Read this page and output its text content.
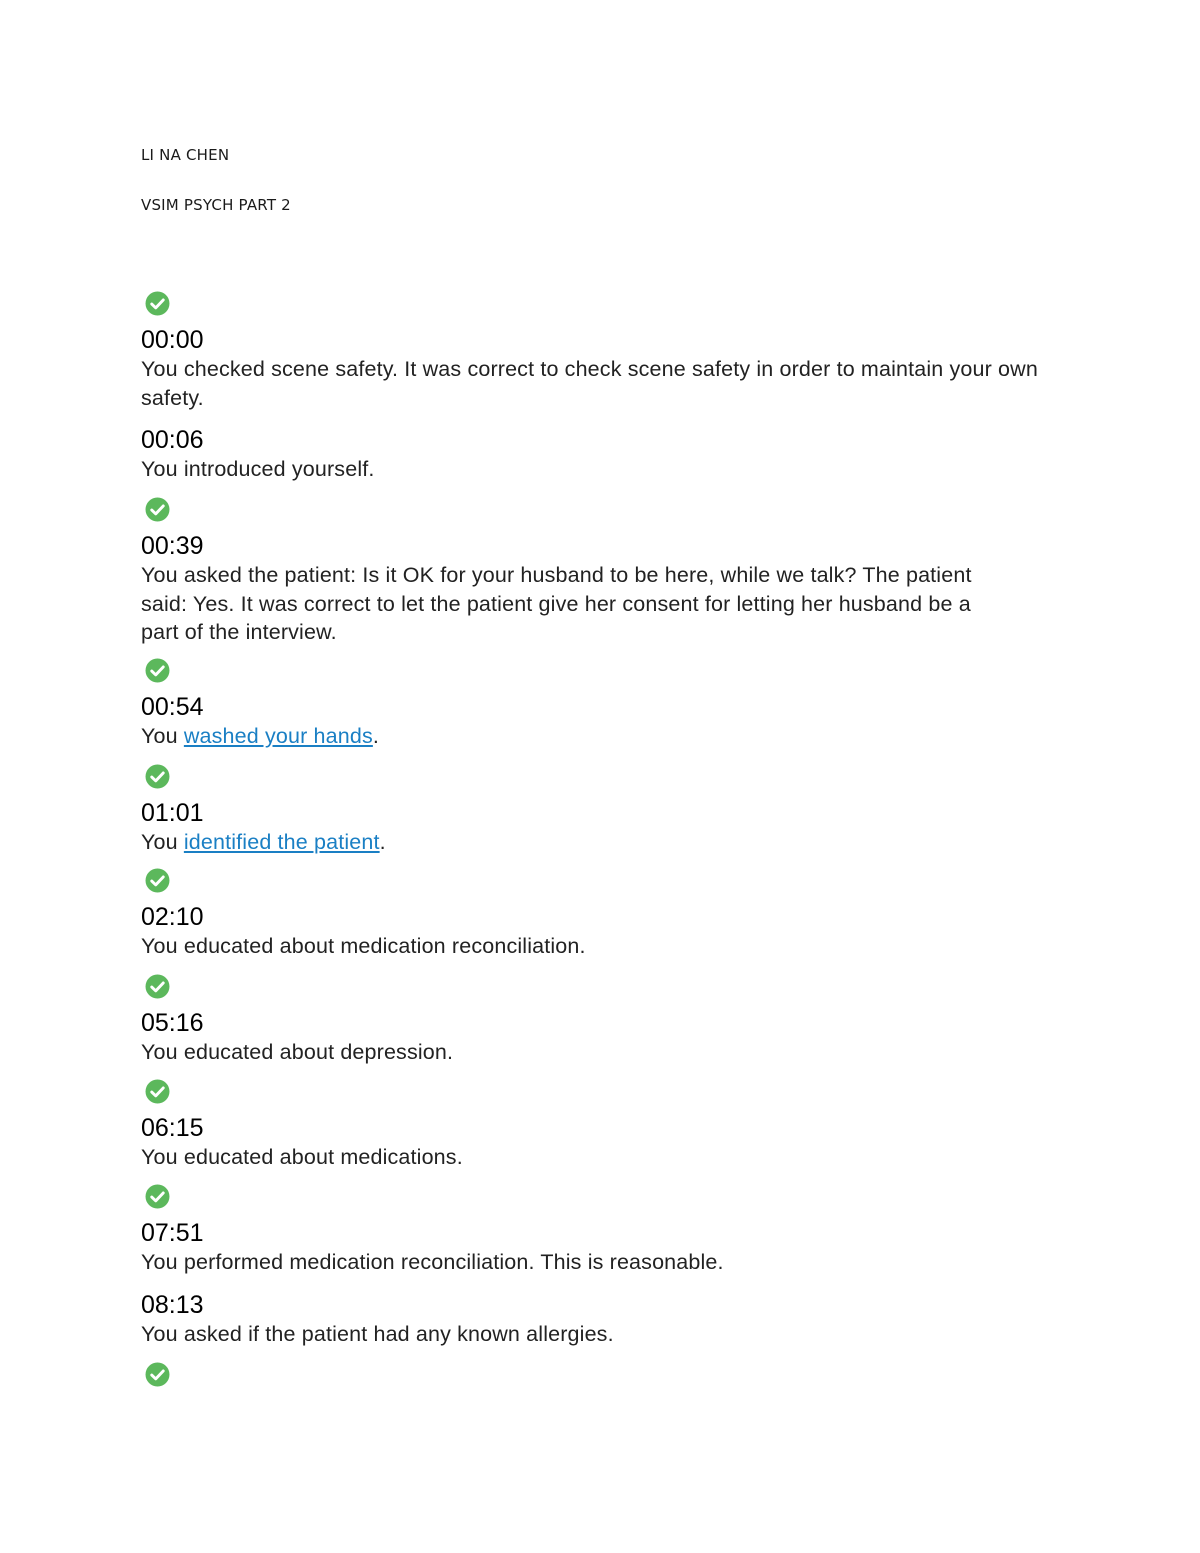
LI NA CHEN
VSIM PSYCH PART 2
00:00
You checked scene safety. It was correct to check scene safety in order to maintain your own safety.
00:06
You introduced yourself.
00:39
You asked the patient: Is it OK for your husband to be here, while we talk? The patient said: Yes. It was correct to let the patient give her consent for letting her husband be a part of the interview.
00:54
You washed your hands.
01:01
You identified the patient.
02:10
You educated about medication reconciliation.
05:16
You educated about depression.
06:15
You educated about medications.
07:51
You performed medication reconciliation. This is reasonable.
08:13
You asked if the patient had any known allergies.
